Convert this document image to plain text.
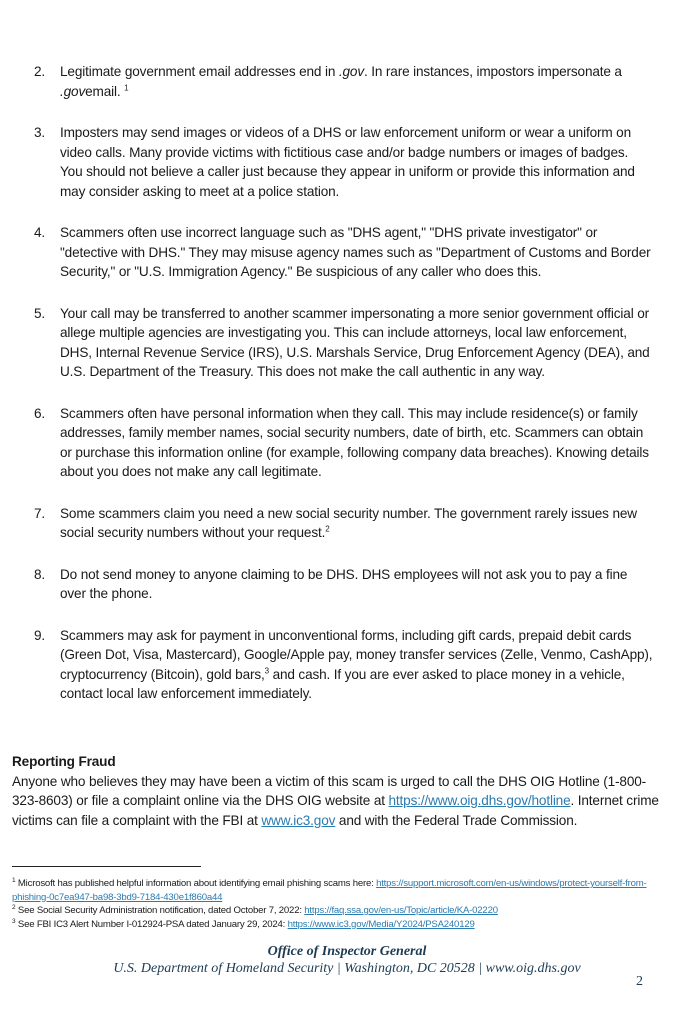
2. Legitimate government email addresses end in .gov. In rare instances, impostors impersonate a .govemail. $^1$
3. Imposters may send images or videos of a DHS or law enforcement uniform or wear a uniform on video calls. Many provide victims with fictitious case and/or badge numbers or images of badges. You should not believe a caller just because they appear in uniform or provide this information and may consider asking to meet at a police station.
4. Scammers often use incorrect language such as "DHS agent," "DHS private investigator" or "detective with DHS." They may misuse agency names such as "Department of Customs and Border Security," or "U.S. Immigration Agency." Be suspicious of any caller who does this.
5. Your call may be transferred to another scammer impersonating a more senior government official or allege multiple agencies are investigating you. This can include attorneys, local law enforcement, DHS, Internal Revenue Service (IRS), U.S. Marshals Service, Drug Enforcement Agency (DEA), and U.S. Department of the Treasury. This does not make the call authentic in any way.
6. Scammers often have personal information when they call. This may include residence(s) or family addresses, family member names, social security numbers, date of birth, etc. Scammers can obtain or purchase this information online (for example, following company data breaches). Knowing details about you does not make any call legitimate.
7. Some scammers claim you need a new social security number. The government rarely issues new social security numbers without your request.$^2$
8. Do not send money to anyone claiming to be DHS. DHS employees will not ask you to pay a fine over the phone.
9. Scammers may ask for payment in unconventional forms, including gift cards, prepaid debit cards (Green Dot, Visa, Mastercard), Google/Apple pay, money transfer services (Zelle, Venmo, CashApp), cryptocurrency (Bitcoin), gold bars,$^3$ and cash. If you are ever asked to place money in a vehicle, contact local law enforcement immediately.
Reporting Fraud

Anyone who believes they may have been a victim of this scam is urged to call the DHS OIG Hotline (1-800-323-8603) or file a complaint online via the DHS OIG website at https://www.oig.dhs.gov/hotline. Internet crime victims can file a complaint with the FBI at www.ic3.gov and with the Federal Trade Commission.

$^1$ Microsoft has published helpful information about identifying email phishing scams here: https://support.microsoft.com/en-us/windows/protect-yourself-from-phishing-0c7ea947-ba98-3bd9-7184-430e1f860a44

$^2$ See Social Security Administration notification, dated October 7, 2022: https://faq.ssa.gov/en-us/Topic/article/KA-02220

$^3$ See FBI IC3 Alert Number I-012924-PSA dated January 29, 2024: https://www.ic3.gov/Media/Y2024/PSA240129

Office of Inspector General
U.S. Department of Homeland Security | Washington, DC 20528 | www.oig.dhs.gov
2
